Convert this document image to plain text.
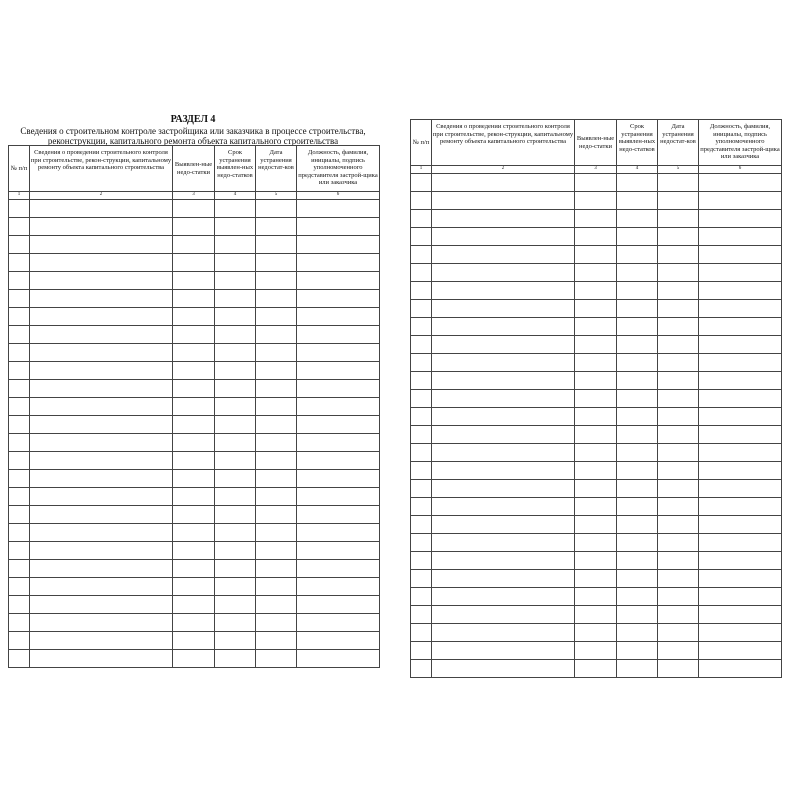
РАЗДЕЛ 4
Сведения о строительном контроле застройщика или заказчика в процессе строительства,
реконструкции, капитального ремонта объекта капитального строительства
№ п/п	Сведения о проведении строительного контроля при строительстве, рекон-струкции, капитальному ремонту объекта капитального строительства	Выявлен-ные недо-статки	Срок устранения выявлен-ных недо-статков	Дата устранения недостат-ков	Должность, фамилия, инициалы, подпись уполномоченного представителя застрой-щика или заказчика
1	2	3	4	5	6

№ п/п	Сведения о проведении строительного контроля при строительстве, рекон-струкции, капитальному ремонту объекта капитального строительства	Выявлен-ные недо-статки	Срок устранения выявлен-ных недо-статков	Дата устранения недостат-ков	Должность, фамилия, инициалы, подпись уполномоченного представителя застрой-щика или заказчика
1	2	3	4	5	6
